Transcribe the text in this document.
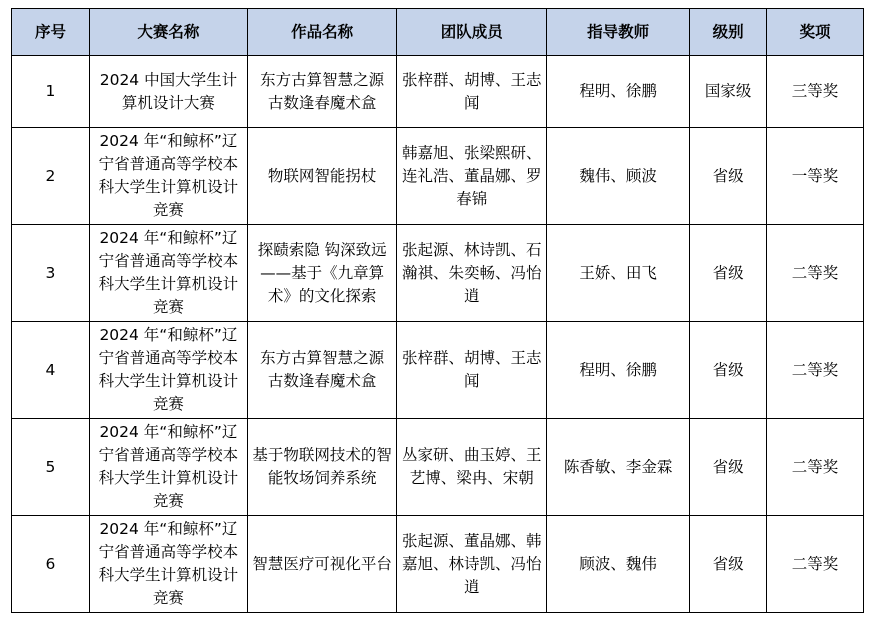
序号	大赛名称	作品名称	团队成员	指导教师	级别	奖项
1	2024 中国大学生计算机设计大赛	东方古算智慧之源 古数逢春魔术盒	张梓群、胡博、王志闻	程明、徐鹏	国家级	三等奖
2	2024 年“和鲸杯”辽宁省普通高等学校本科大学生计算机设计竞赛	物联网智能拐杖	韩嘉旭、张梁熙研、连礼浩、董晶娜、罗春锦	魏伟、顾波	省级	一等奖
3	2024 年“和鲸杯”辽宁省普通高等学校本科大学生计算机设计竞赛	探赜索隐 钩深致远——基于《九章算术》的文化探索	张起源、林诗凯、石瀚祺、朱奕畅、冯怡逍	王娇、田飞	省级	二等奖
4	2024 年“和鲸杯”辽宁省普通高等学校本科大学生计算机设计竞赛	东方古算智慧之源 古数逢春魔术盒	张梓群、胡博、王志闻	程明、徐鹏	省级	二等奖
5	2024 年“和鲸杯”辽宁省普通高等学校本科大学生计算机设计竞赛	基于物联网技术的智能牧场饲养系统	丛家研、曲玉婷、王艺博、梁冉、宋朝	陈香敏、李金霖	省级	二等奖
6	2024 年“和鲸杯”辽宁省普通高等学校本科大学生计算机设计竞赛	智慧医疗可视化平台	张起源、董晶娜、韩嘉旭、林诗凯、冯怡逍	顾波、魏伟	省级	二等奖
